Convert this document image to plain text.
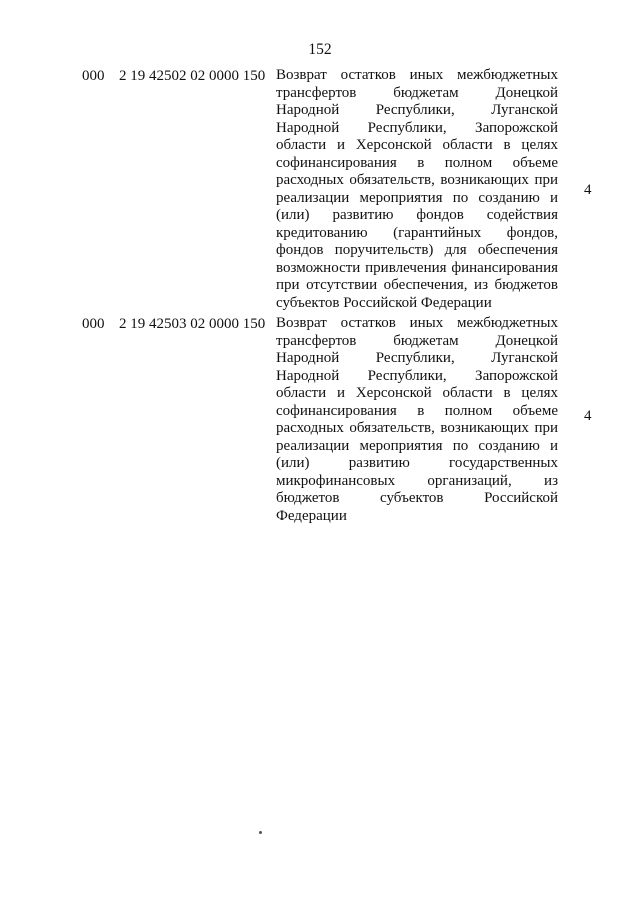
152
000 2 19 42502 02 0000 150 Возврат остатков иных межбюджетных трансфертов бюджетам Донецкой Народной Республики, Луганской Народной Республики, Запорожской области и Херсонской области в целях софинансирования в полном объеме расходных обязательств, возникающих при реализации мероприятия по созданию и (или) развитию фондов содействия кредитованию (гарантийных фондов, фондов поручительств) для обеспечения возможности привлечения финансирования при отсутствии обеспечения, из бюджетов субъектов Российской Федерации

4
000 2 19 42503 02 0000 150 Возврат остатков иных межбюджетных трансфертов бюджетам Донецкой Народной Республики, Луганской Народной Республики, Запорожской области и Херсонской области в целях софинансирования в полном объеме расходных обязательств, возникающих при реализации мероприятия по созданию и (или) развитию государственных микрофинансовых организаций, из бюджетов субъектов Российской Федерации

4
